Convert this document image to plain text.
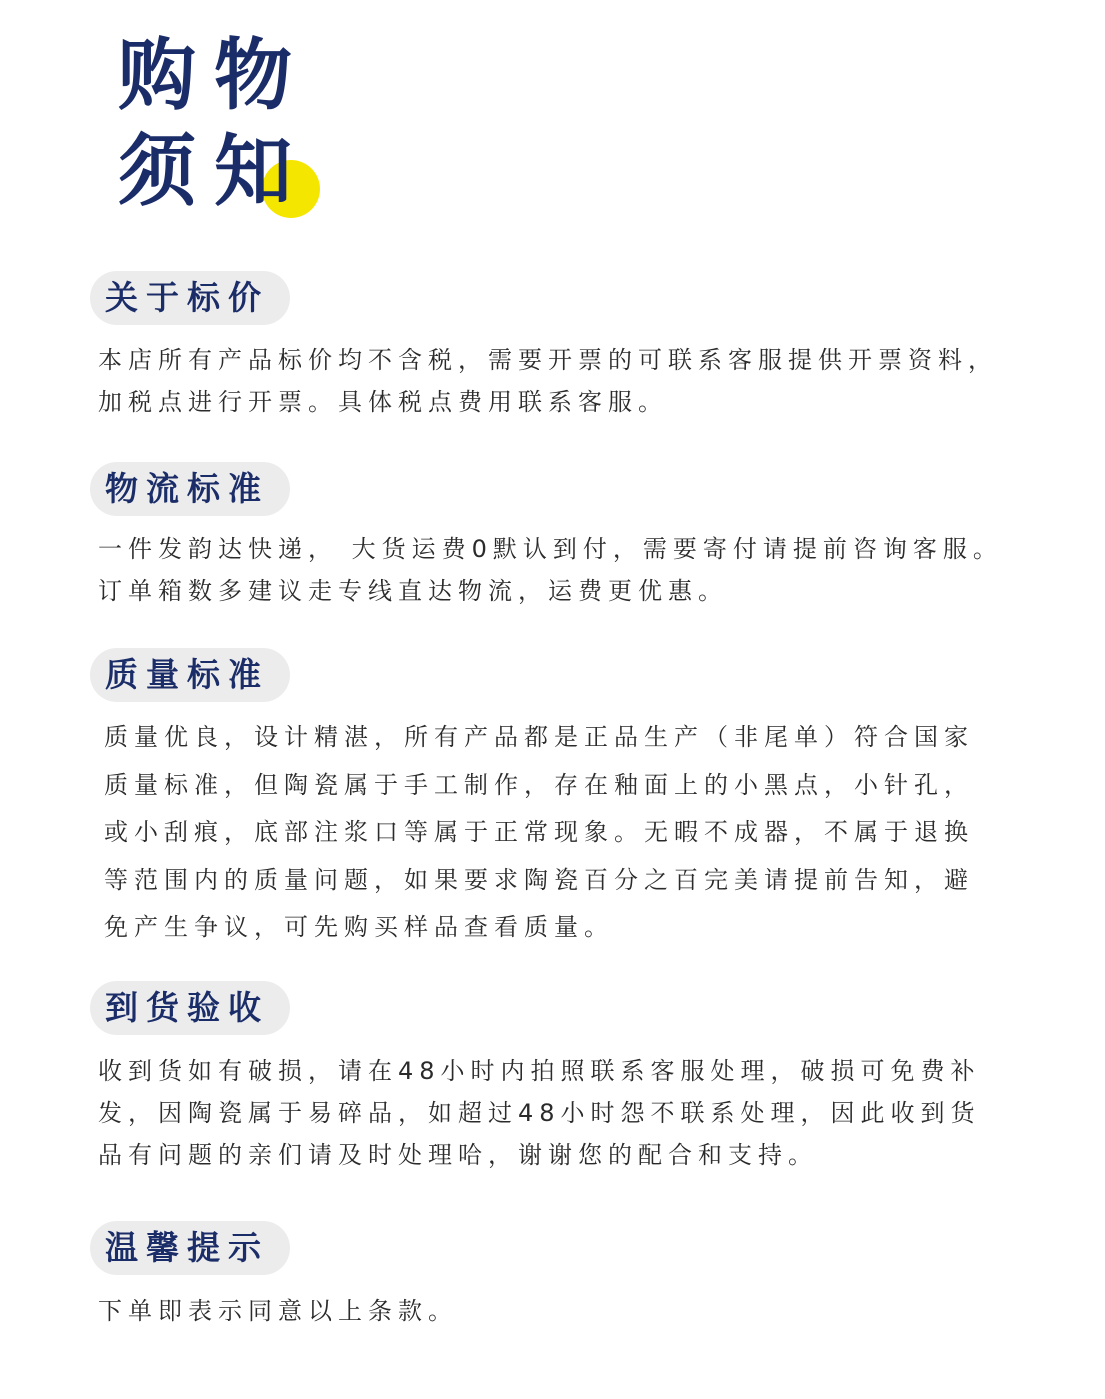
购物
须知
关于标价
本店所有产品标价均不含税，需要开票的可联系客服提供开票资料，
加税点进行开票。具体税点费用联系客服。
物流标准
一件发韵达快递， 大货运费0默认到付，需要寄付请提前咨询客服。
订单箱数多建议走专线直达物流，运费更优惠。
质量标准
质量优良，设计精湛，所有产品都是正品生产（非尾单）符合国家
质量标准，但陶瓷属于手工制作，存在釉面上的小黑点，小针孔，
或小刮痕，底部注浆口等属于正常现象。无暇不成器，不属于退换
等范围内的质量问题，如果要求陶瓷百分之百完美请提前告知，避
免产生争议，可先购买样品查看质量。
到货验收
收到货如有破损，请在48小时内拍照联系客服处理，破损可免费补
发，因陶瓷属于易碎品，如超过48小时怨不联系处理，因此收到货
品有问题的亲们请及时处理哈，谢谢您的配合和支持。
温馨提示
下单即表示同意以上条款。
